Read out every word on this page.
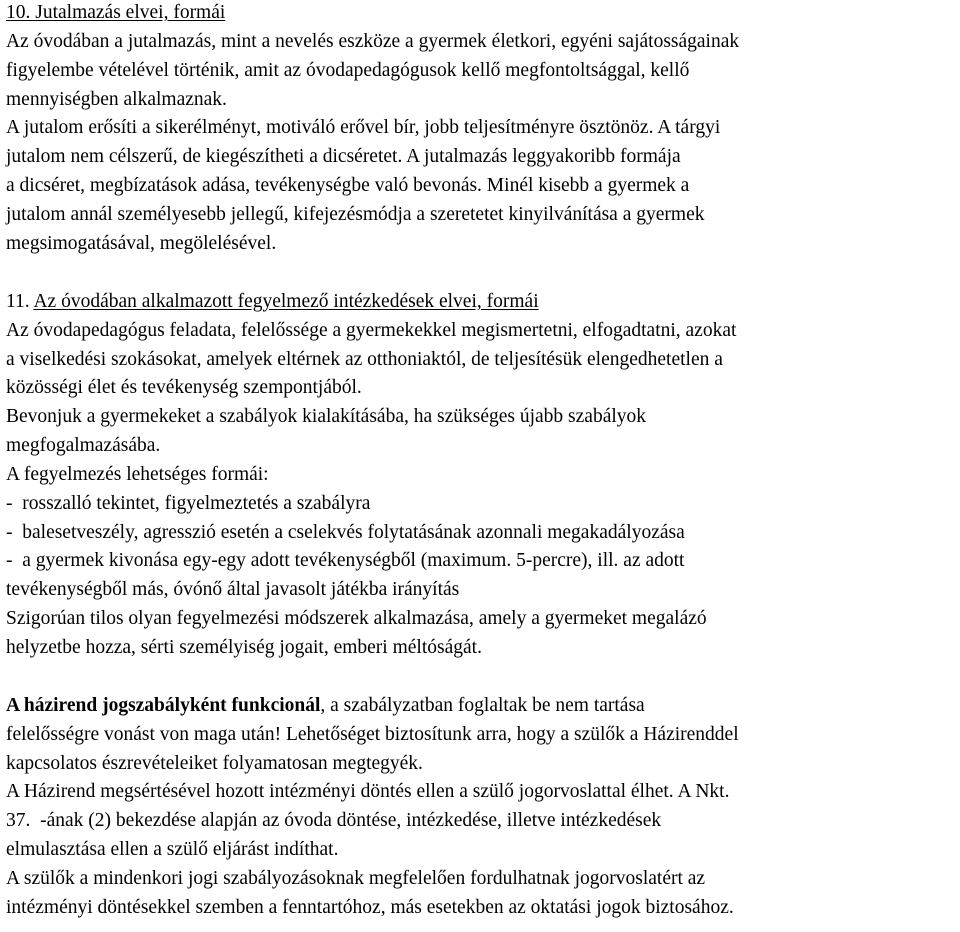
10. Jutalmazás elvei, formái
Az óvodában a jutalmazás, mint a nevelés eszköze a gyermek életkori, egyéni sajátosságainak
figyelembe vételével történik, amit az óvodapedagógusok kellő megfontoltsággal, kellő
mennyiségben alkalmaznak.
A jutalom erősíti a sikerélményt, motiváló erővel bír, jobb teljesítményre ösztönöz. A tárgyi
jutalom nem célszerű, de kiegészítheti a dicséretet. A jutalmazás leggyakoribb formája
a dicséret, megbízatások adása, tevékenységbe való bevonás. Minél kisebb a gyermek a
jutalom annál személyesebb jellegű, kifejezésmódja a szeretetet kinyilvánítása a gyermek
megsimogatásával, megölelésével.
11. Az óvodában alkalmazott fegyelmező intézkedések elvei, formái
Az óvodapedagógus feladata, felelőssége a gyermekekkel megismertetni, elfogadtatni, azokat
a viselkedési szokásokat, amelyek eltérnek az otthoniaktól, de teljesítésük elengedhetetlen a
közösségi élet és tevékenység szempontjából.
Bevonjuk a gyermekeket a szabályok kialakításába, ha szükséges újabb szabályok
megfogalmazásába.
A fegyelmezés lehetséges formái:
-  rosszalló tekintet, figyelmeztetés a szabályra
-  balesetveszély, agresszió esetén a cselekvés folytatásának azonnali megakadályozása
-  a gyermek kivonása egy-egy adott tevékenységből (maximum. 5-percre), ill. az adott
tevékenységből más, óvónő által javasolt játékba irányítás
Szigorúan tilos olyan fegyelmezési módszerek alkalmazása, amely a gyermeket megalázó
helyzetbe hozza, sérti személyiség jogait, emberi méltóságát.
A házirend jogszabályként funkcionál, a szabályzatban foglaltak be nem tartása
felelősségre vonást von maga után! Lehetőséget biztosítunk arra, hogy a szülők a Házirenddel
kapcsolatos észrevételeiket folyamatosan megtegyék.
A Házirend megsértésével hozott intézményi döntés ellen a szülő jogorvoslattal élhet. A Nkt.
37.  -ának (2) bekezdése alapján az óvoda döntése, intézkedése, illetve intézkedések
elmulasztása ellen a szülő eljárást indíthat.
A szülők a mindenkori jogi szabályozásoknak megfelelően fordulhatnak jogorvoslatért az
intézményi döntésekkel szemben a fenntartóhoz, más esetekben az oktatási jogok biztosához.
